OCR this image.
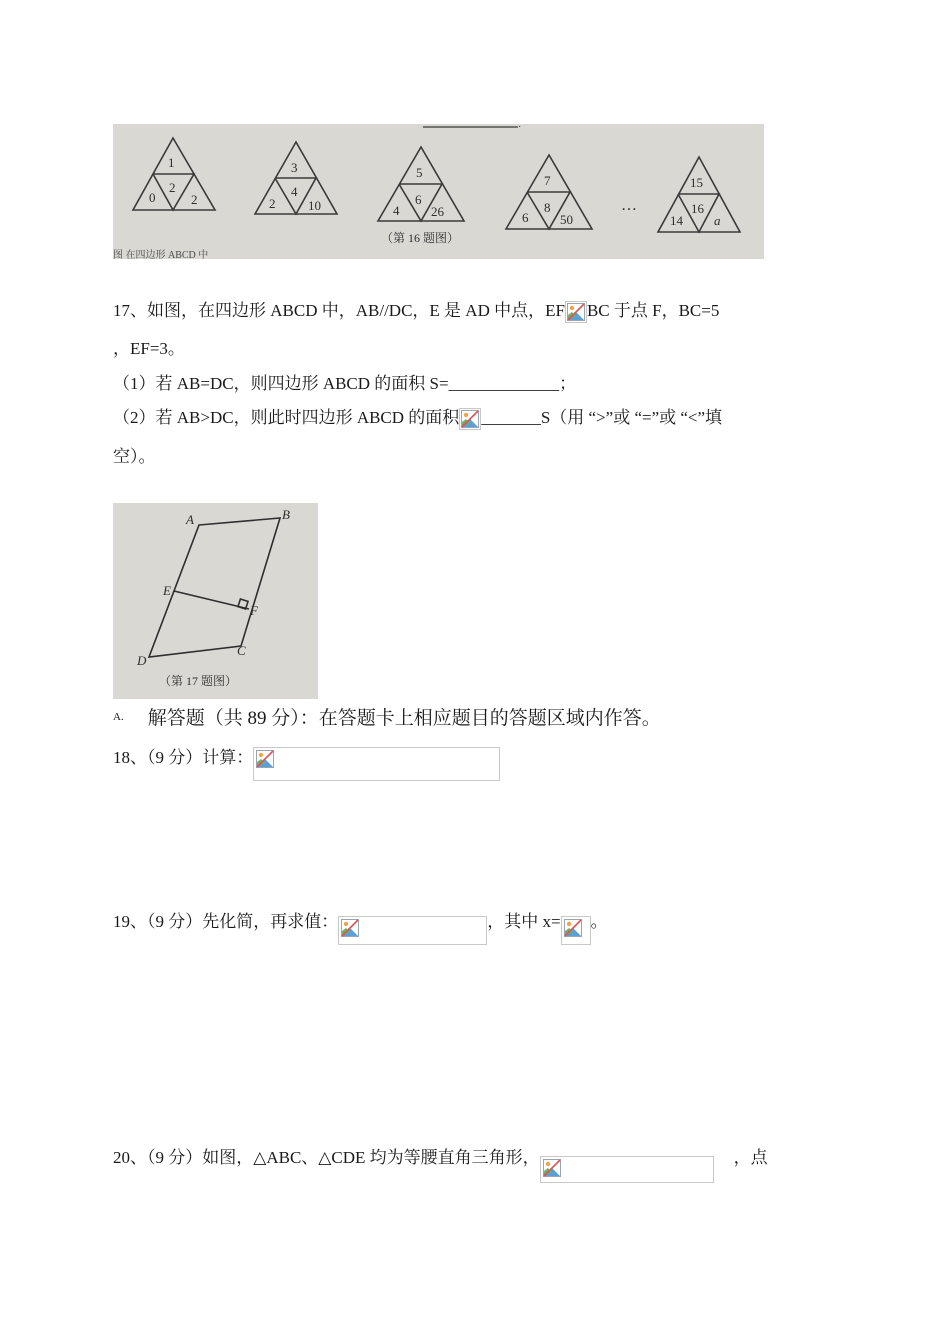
·
1
0
2
2
3
2
4
10
5
4
6
26
7
6
8
50
15
14
16
a
…
（第 16 题图）
图 在四边形 ABCD 中
17、如图，在四边形 ABCD 中，AB//DC，E 是 AD 中点，EF BC 于点 F，BC=5
，EF=3。
（1）若 AB=DC，则四边形 ABCD 的面积 S=_____________；
（2）若 AB>DC，则此时四边形 ABCD 的面积 _______S（用 “>”或 “=”或 “<”填
空）。
A	B
E
F
D
C
（第 17 题图）
A. 解答题（共 89 分）：在答题卡上相应题目的答题区域内作答。
18、（9 分）计算：
19、（9 分）先化简，再求值：	，其中 x= 。
20、（9 分）如图，△ABC、△CDE 均为等腰直角三角形，	，点
